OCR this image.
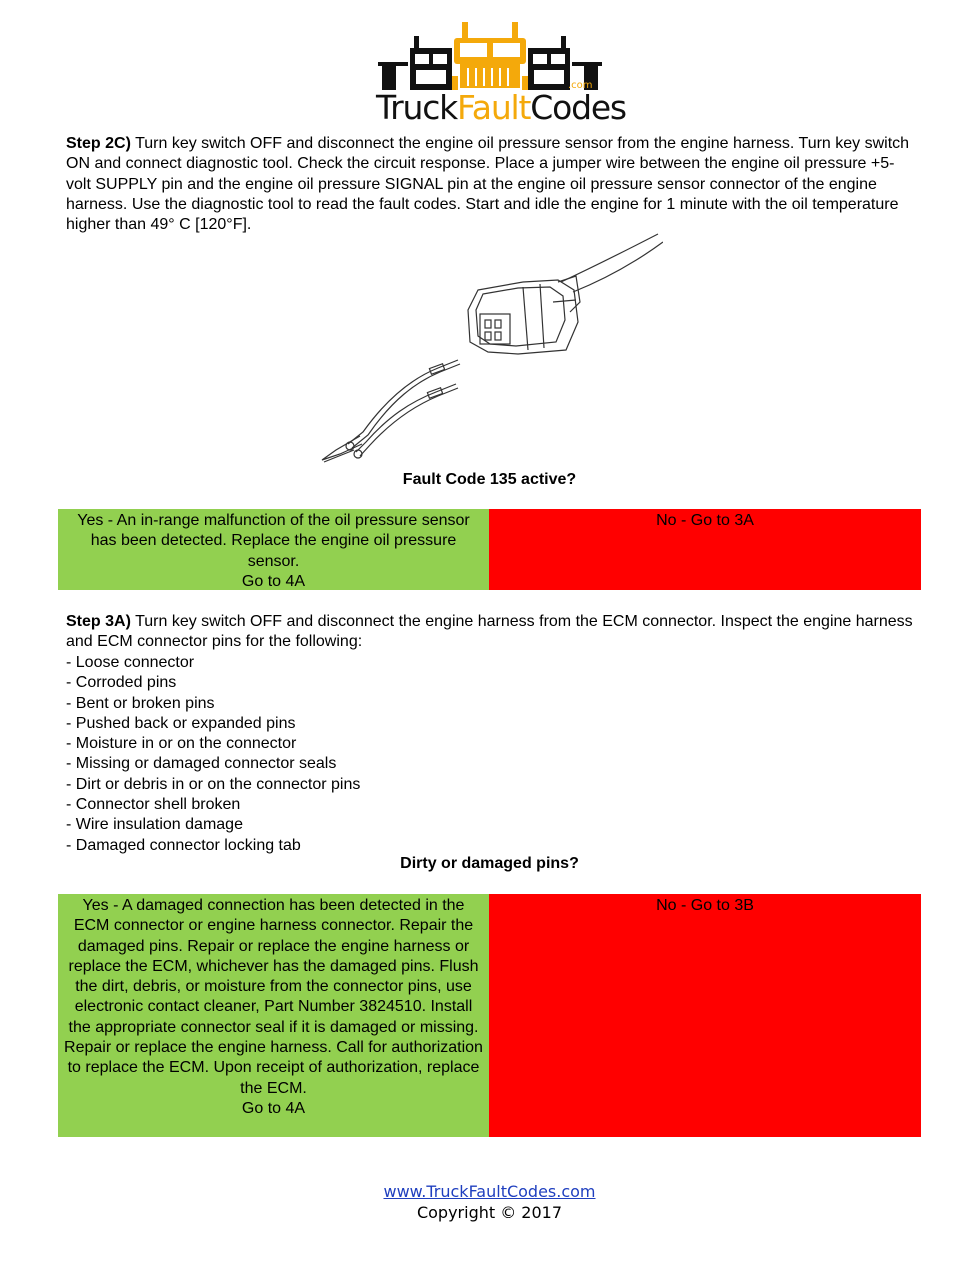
.com
TruckFaultCodes
Step 2C) Turn key switch OFF and disconnect the engine oil pressure sensor from the engine harness. Turn key switch ON and connect diagnostic tool. Check the circuit response. Place a jumper wire between the engine oil pressure +5-volt SUPPLY pin and the engine oil pressure SIGNAL pin at the engine oil pressure sensor connector of the engine harness. Use the diagnostic tool to read the fault codes. Start and idle the engine for 1 minute with the oil temperature higher than 49° C [120°F].
Fault Code 135 active?
Yes - An in-range malfunction of the oil pressure sensor has been detected. Replace the engine oil pressure sensor.
Go to 4A
No - Go to 3A
Step 3A) Turn key switch OFF and disconnect the engine harness from the ECM connector. Inspect the engine harness and ECM connector pins for the following:
- Loose connector
- Corroded pins
- Bent or broken pins
- Pushed back or expanded pins
- Moisture in or on the connector
- Missing or damaged connector seals
- Dirt or debris in or on the connector pins
- Connector shell broken
- Wire insulation damage
- Damaged connector locking tab
Dirty or damaged pins?
Yes - A damaged connection has been detected in the ECM connector or engine harness connector. Repair the damaged pins. Repair or replace the engine harness or replace the ECM, whichever has the damaged pins. Flush the dirt, debris, or moisture from the connector pins, use electronic contact cleaner, Part Number 3824510. Install the appropriate connector seal if it is damaged or missing. Repair or replace the engine harness. Call for authorization to replace the ECM. Upon receipt of authorization, replace the ECM.
Go to 4A
No - Go to 3B
www.TruckFaultCodes.com
Copyright © 2017
